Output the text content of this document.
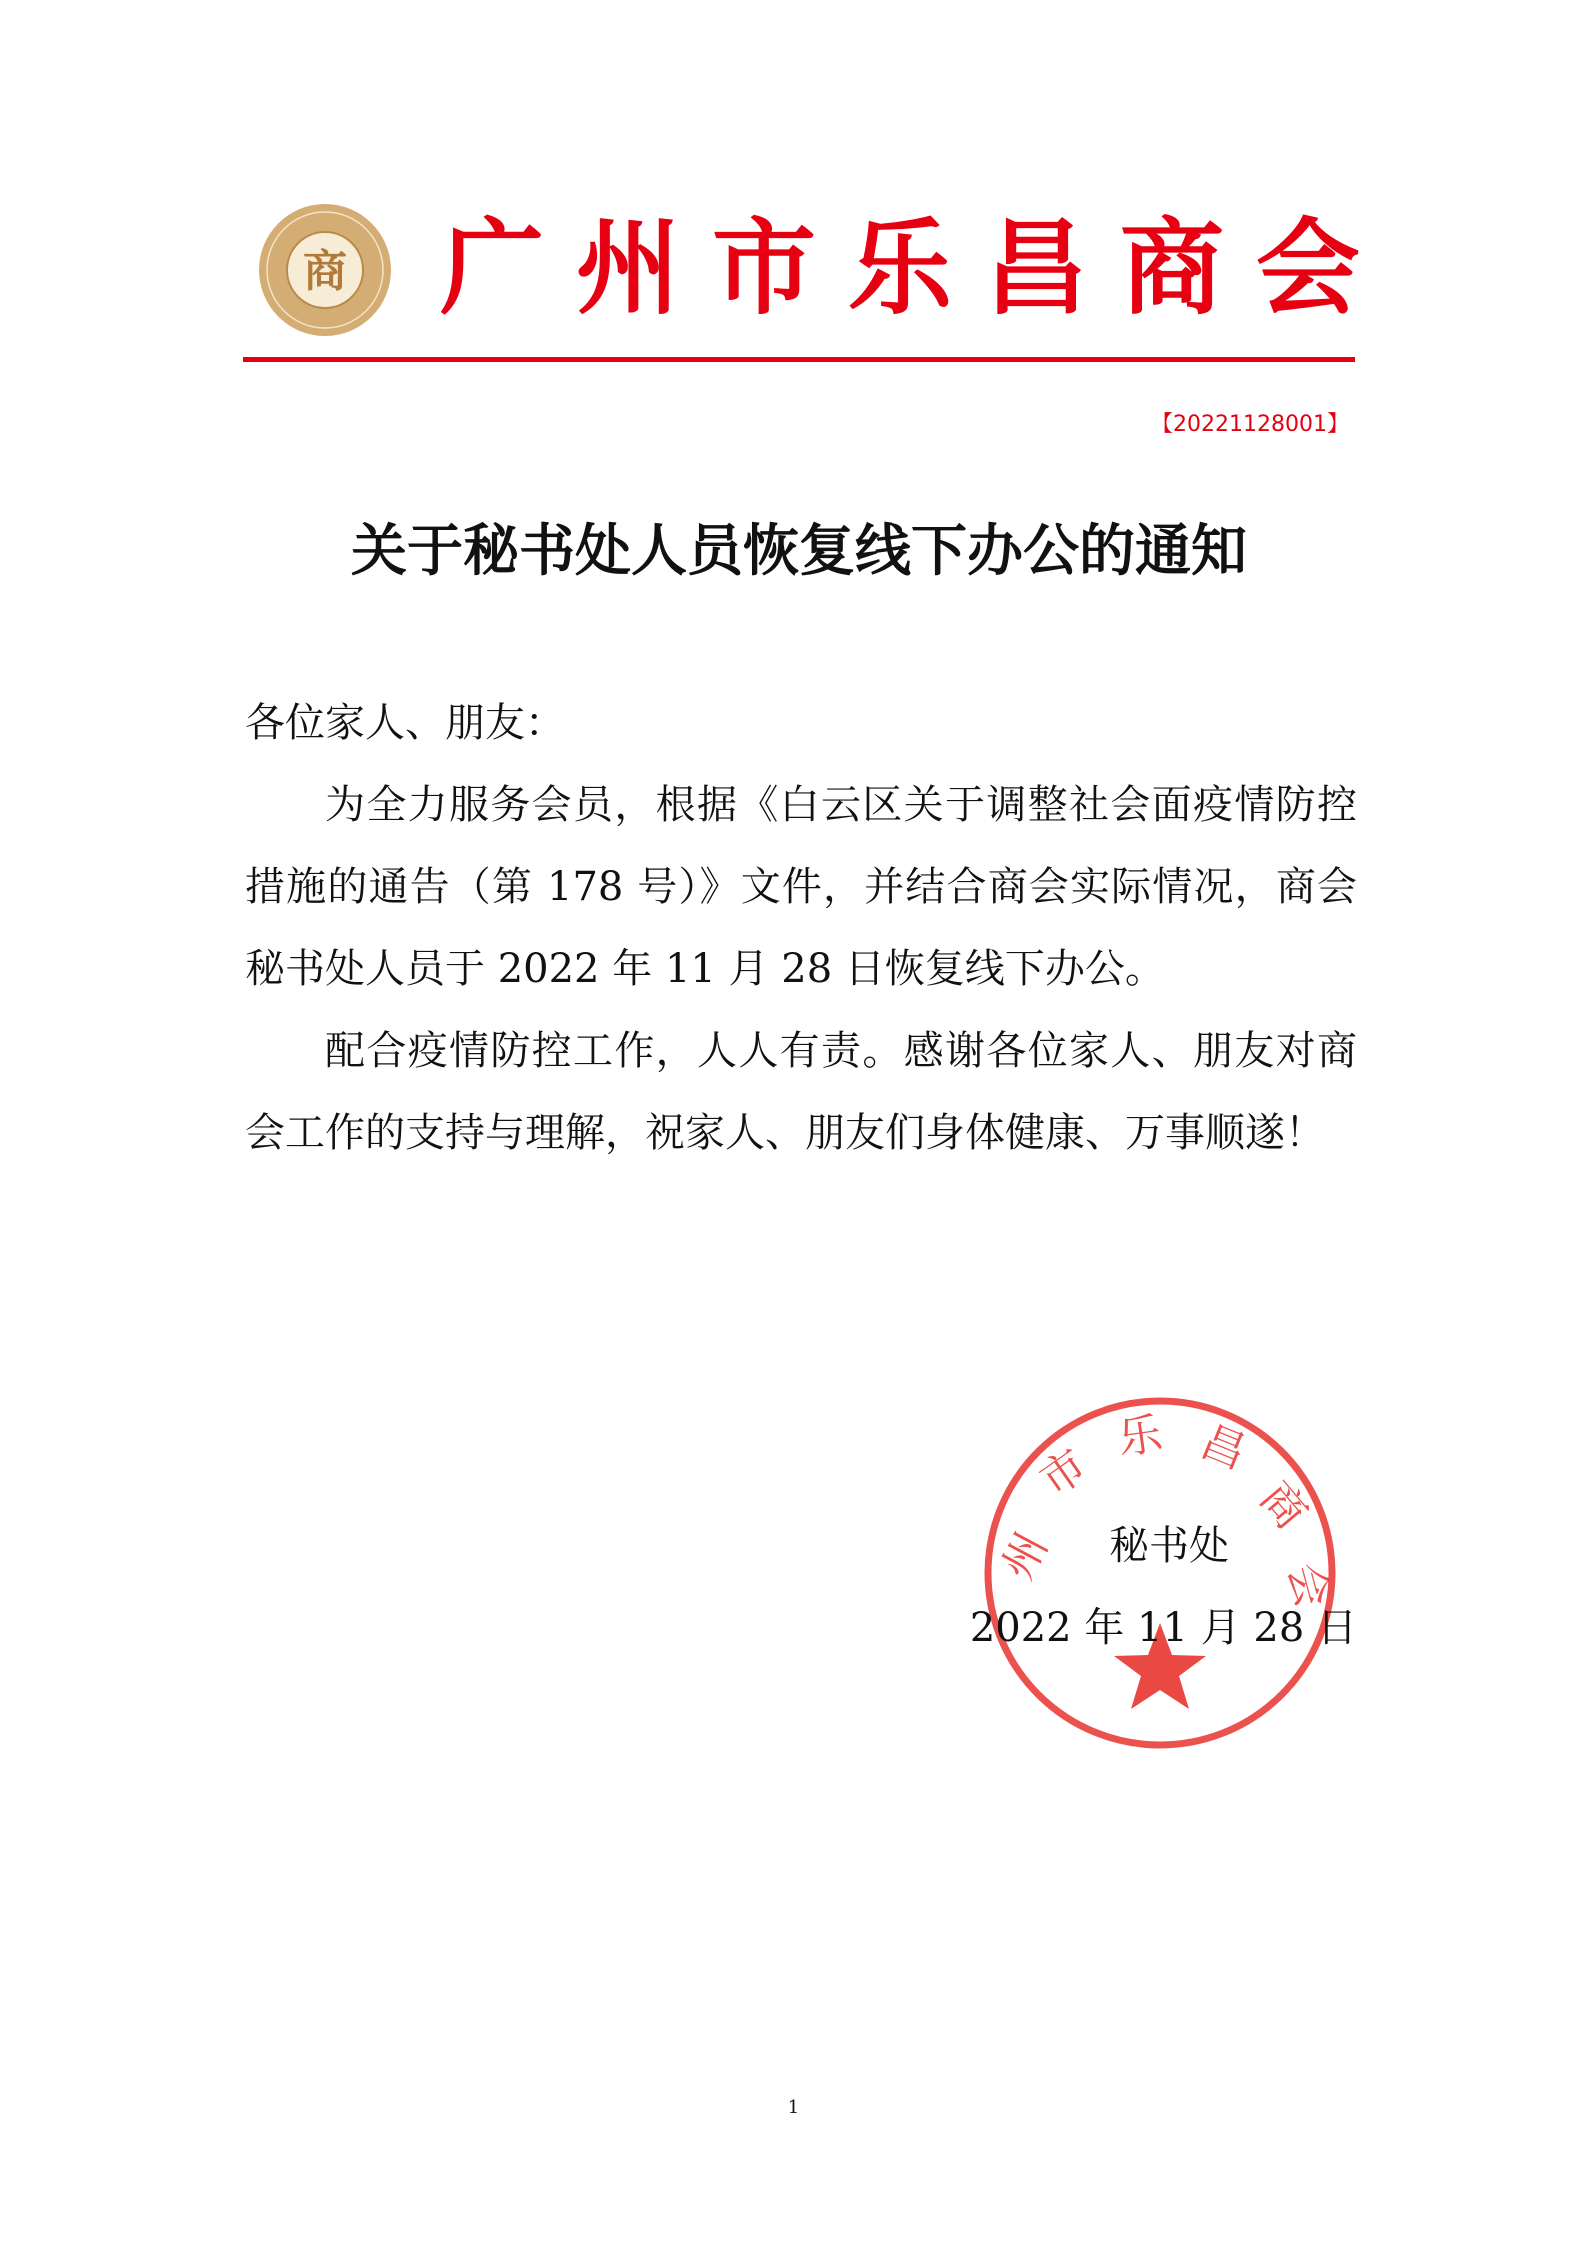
商 广 州 市 乐 昌 商 会
【20221128001】
关于秘书处人员恢复线下办公的通知

各位家人、朋友：

为全力服务会员，根据《白云区关于调整社会面疫情防控措施的通告（第 178 号）》文件，并结合商会实际情况，商会秘书处人员于 2022 年 11 月 28 日恢复线下办公。

配合疫情防控工作，人人有责。感谢各位家人、朋友对商会工作的支持与理解，祝家人、朋友们身体健康、万事顺遂！

州
市
乐 昌
商
会
秘书处
2022 年 11 月 28 日
1
